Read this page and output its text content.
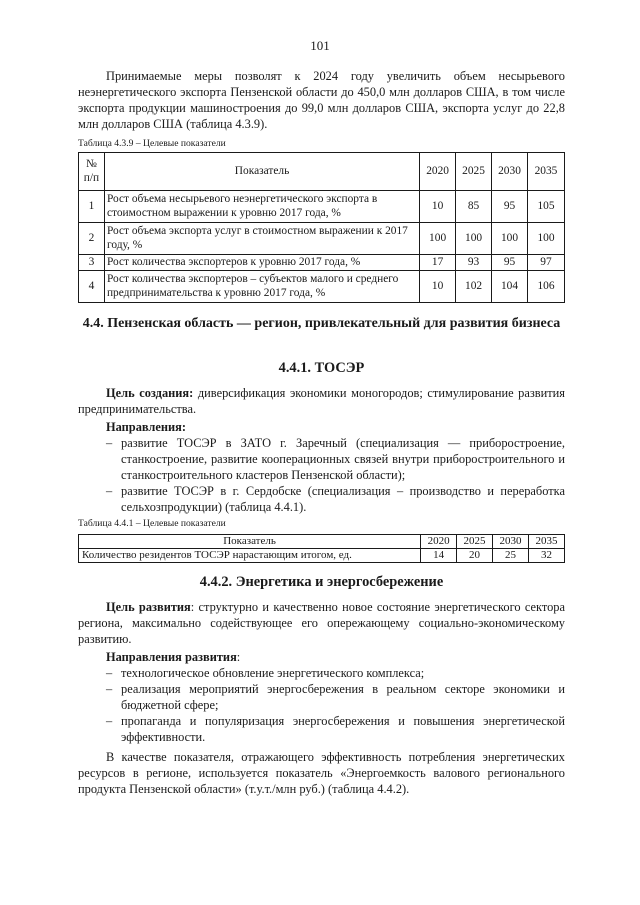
101

Принимаемые меры позволят к 2024 году увеличить объем несырьевого неэнергетического экспорта Пензенской области до 450,0 млн долларов США, в том числе экспорта продукции машиностроения до 99,0 млн долларов США, экспорта услуг до 22,8 млн долларов США (таблица 4.3.9).

Таблица 4.3.9 – Целевые показатели
№ п/п	Показатель	2020	2025	2030	2035
1	Рост объема несырьевого неэнергетического экспорта в стоимостном выражении к уровню 2017 года, %	10	85	95	105
2	Рост объема экспорта услуг в стоимостном выражении к 2017 году, %	100	100	100	100
3	Рост количества экспортеров к уровню 2017 года, %	17	93	95	97
4	Рост количества экспортеров – субъектов малого и среднего предпринимательства к уровню 2017 года, %	10	102	104	106
4.4. Пензенская область — регион, привлекательный для развития бизнеса
4.4.1. ТОСЭР

Цель создания: диверсификация экономики моногородов; стимулирование развития предпринимательства.

Направления:
– развитие ТОСЭР в ЗАТО г. Заречный (специализация — приборостроение, станкостроение, развитие кооперационных связей внутри приборостроительного и станкостроительного кластеров Пензенской области);
– развитие ТОСЭР в г. Сердобске (специализация – производство и переработка сельхозпродукции) (таблица 4.4.1).
Таблица 4.4.1 – Целевые показатели
Показатель	2020	2025	2030	2035
Количество резидентов ТОСЭР нарастающим итогом, ед.	14	20	25	32
4.4.2. Энергетика и энергосбережение

Цель развития: структурно и качественно новое состояние энергетического сектора региона, максимально содействующее его опережающему социально-экономическому развитию.

Направления развития:
– технологическое обновление энергетического комплекса;
– реализация мероприятий энергосбережения в реальном секторе экономики и бюджетной сфере;
– пропаганда и популяризация энергосбережения и повышения энергетической эффективности.

В качестве показателя, отражающего эффективность потребления энергетических ресурсов в регионе, используется показатель «Энергоемкость валового регионального продукта Пензенской области» (т.у.т./млн руб.) (таблица 4.4.2).
